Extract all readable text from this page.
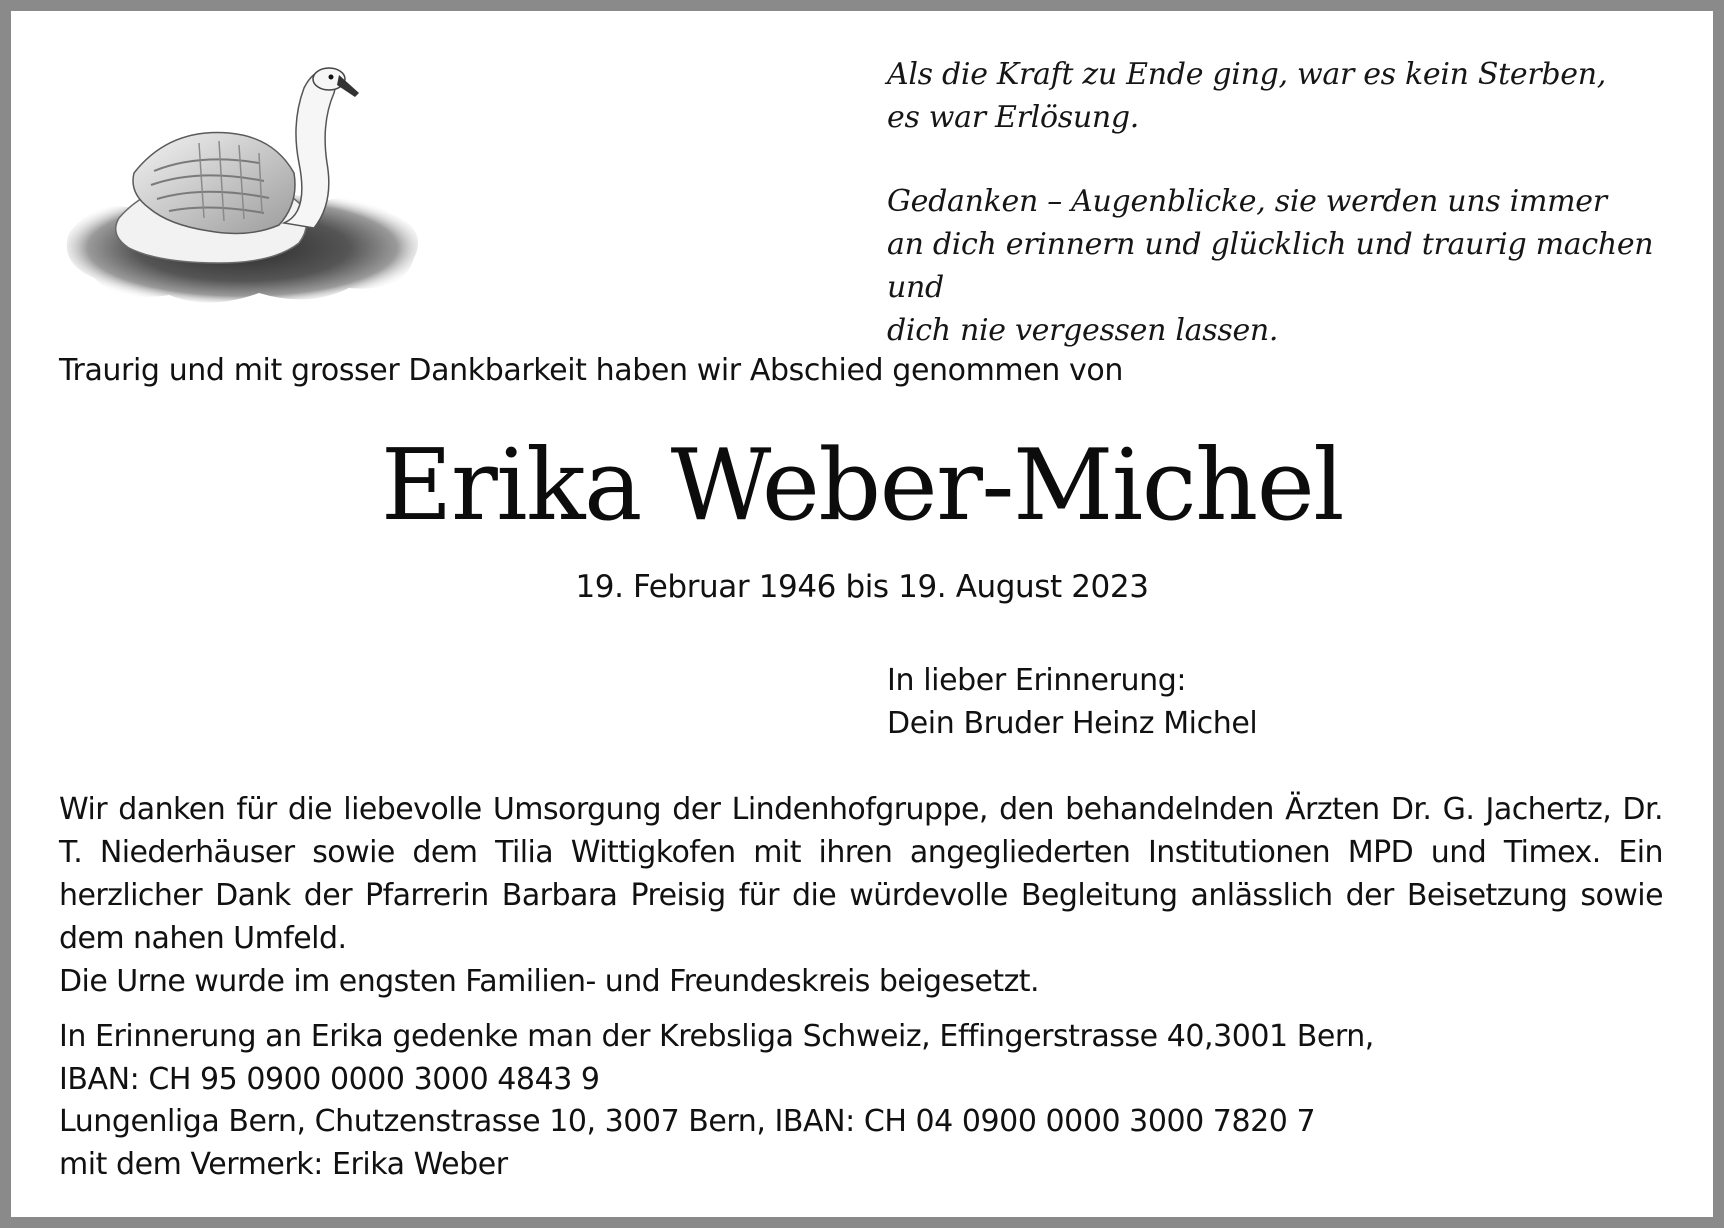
Als die Kraft zu Ende ging, war es kein Sterben,
es war Erlösung.

Gedanken – Augenblicke, sie werden uns immer
an dich erinnern und glücklich und traurig machen und
dich nie vergessen lassen.

Traurig und mit grosser Dankbarkeit haben wir Abschied genommen von
Erika Weber-Michel
19. Februar 1946 bis 19. August 2023
In lieber Erinnerung:
Dein Bruder Heinz Michel

Wir danken für die liebevolle Umsorgung der Lindenhofgruppe, den behandelnden Ärzten Dr. G. Jachertz, Dr. T. Niederhäuser sowie dem Tilia Wittigkofen mit ihren angegliederten Institutionen MPD und Timex. Ein herzlicher Dank der Pfarrerin Barbara Preisig für die würdevolle Begleitung anlässlich der Beisetzung sowie dem nahen Umfeld.

Die Urne wurde im engsten Familien- und Freundeskreis beigesetzt.

In Erinnerung an Erika gedenke man der Krebsliga Schweiz, Effingerstrasse 40,3001 Bern,
IBAN: CH 95 0900 0000 3000 4843 9
Lungenliga Bern, Chutzenstrasse 10, 3007 Bern, IBAN: CH 04 0900 0000 3000 7820 7
mit dem Vermerk: Erika Weber
